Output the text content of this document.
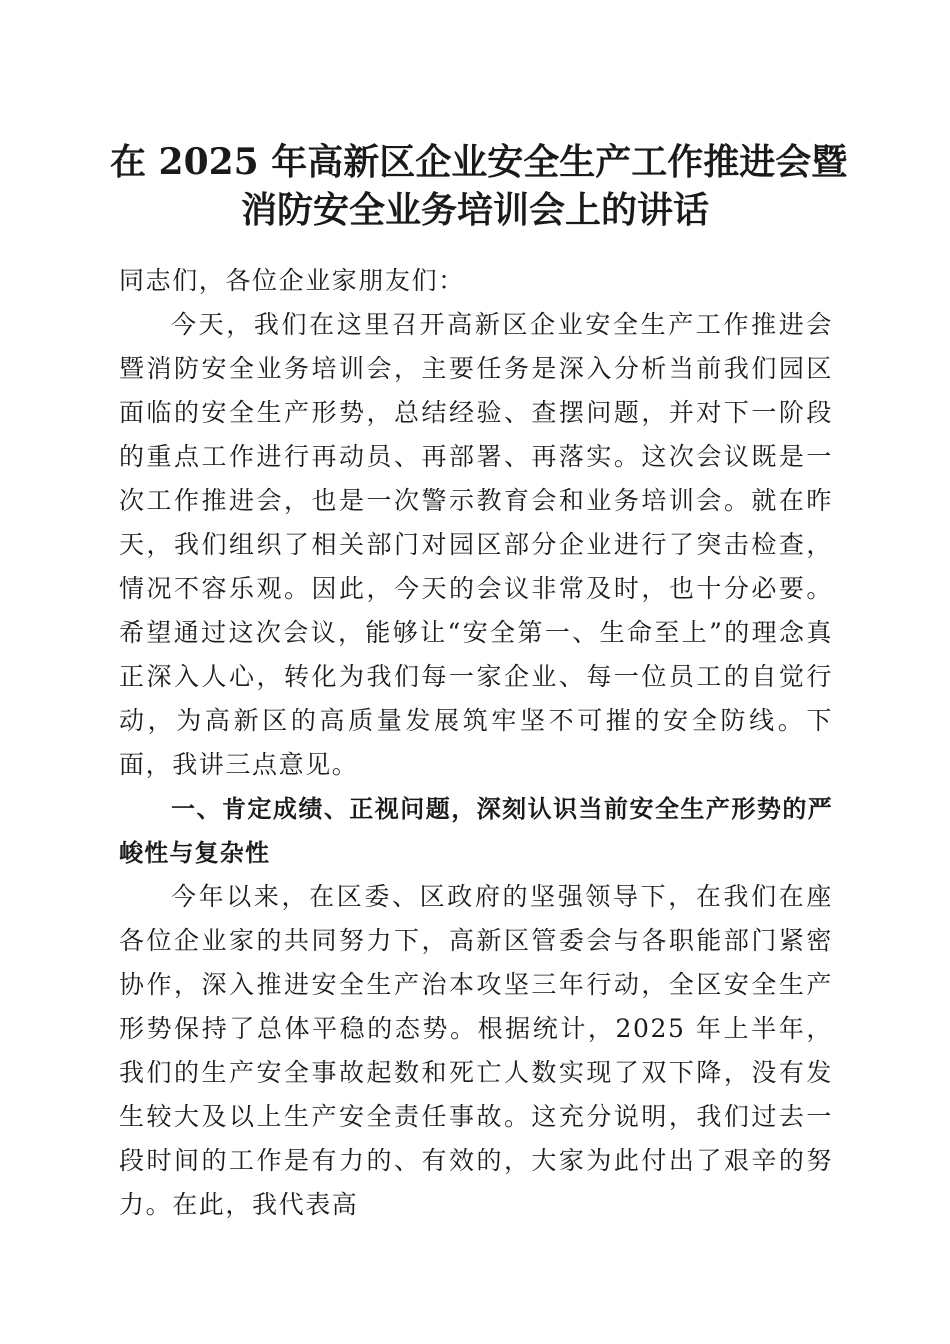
在 2025 年高新区企业安全生产工作推进会暨
消防安全业务培训会上的讲话

同志们，各位企业家朋友们：

今天，我们在这里召开高新区企业安全生产工作推进会暨消防安全业务培训会，主要任务是深入分析当前我们园区面临的安全生产形势，总结经验、查摆问题，并对下一阶段的重点工作进行再动员、再部署、再落实。这次会议既是一次工作推进会，也是一次警示教育会和业务培训会。就在昨天，我们组织了相关部门对园区部分企业进行了突击检查，情况不容乐观。因此，今天的会议非常及时，也十分必要。希望通过这次会议，能够让“安全第一、生命至上”的理念真正深入人心，转化为我们每一家企业、每一位员工的自觉行动，为高新区的高质量发展筑牢坚不可摧的安全防线。下面，我讲三点意见。

一、肯定成绩、正视问题，深刻认识当前安全生产形势的严峻性与复杂性

今年以来，在区委、区政府的坚强领导下，在我们在座各位企业家的共同努力下，高新区管委会与各职能部门紧密协作，深入推进安全生产治本攻坚三年行动，全区安全生产形势保持了总体平稳的态势。根据统计，2025 年上半年，我们的生产安全事故起数和死亡人数实现了双下降，没有发生较大及以上生产安全责任事故。这充分说明，我们过去一段时间的工作是有力的、有效的，大家为此付出了艰辛的努力。在此，我代表高
